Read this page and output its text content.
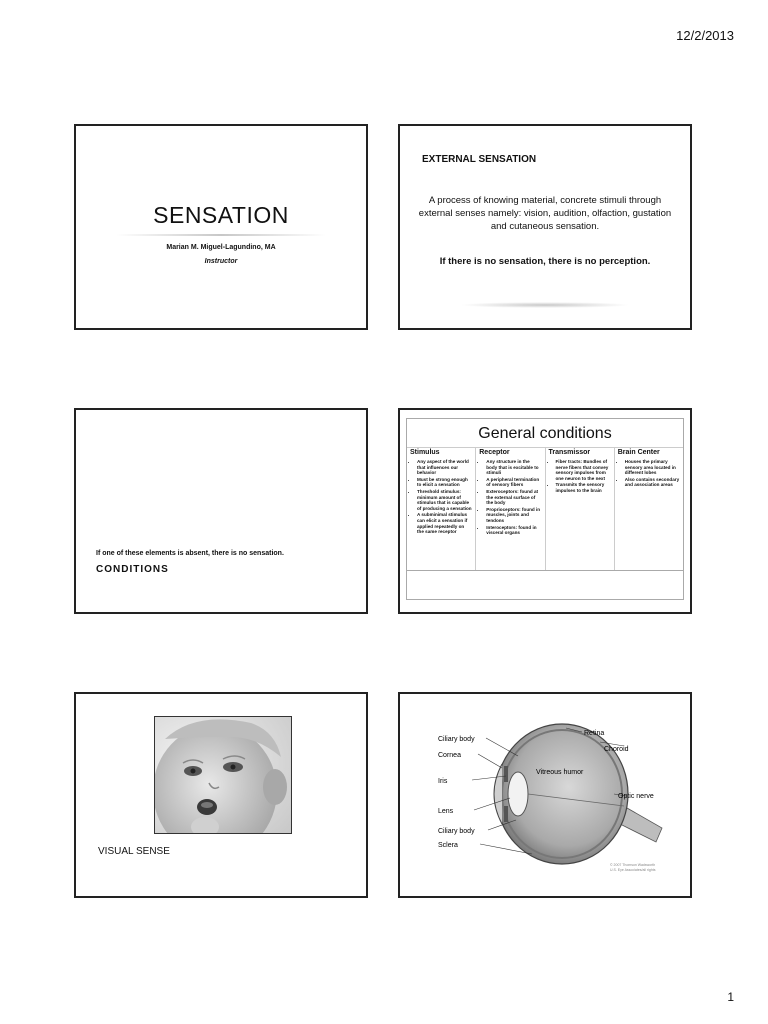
12/2/2013
SENSATION
Marian M. Miguel-Lagundino, MA
Instructor
EXTERNAL SENSATION
A process of knowing material, concrete stimuli through external senses namely: vision, audition, olfaction, gustation and cutaneous sensation.
If there is no sensation, there is no perception.
If one of these elements is absent, there is no sensation.
CONDITIONS
General conditions
Stimulus
• Any aspect of the world that influences our behavior
• Must be strong enough to elicit a sensation
• Threshold stimulus: minimum amount of stimulus that is capable of producing a sensation
• A subminimal stimulus can elicit a sensation if applied repeatedly on the same receptor
Receptor
• Any structure in the body that is excitable to stimuli
• A peripheral termination of sensory fibers
• Exteroceptors: found at the external surface of the body
• Proprioceptors: found in muscles, joints and tendons
• Interoceptors: found in visceral organs
Transmissor
• Fiber tracts: Bundles of nerve fibers that convey sensory impulses from one neuron to the next
• Transmits the sensory impulses to the brain
Brain Center
• Houses the primary sensory area located in different lobes
• Also contains secondary and association areas
VISUAL SENSE
Ciliary body
Cornea
Iris
Lens
Ciliary body
Sclera
Retina
Choroid
Vitreous humor
Optic nerve
© 2007 Thomson Wadsworth
U.S. Eye Associates/all rights
1
